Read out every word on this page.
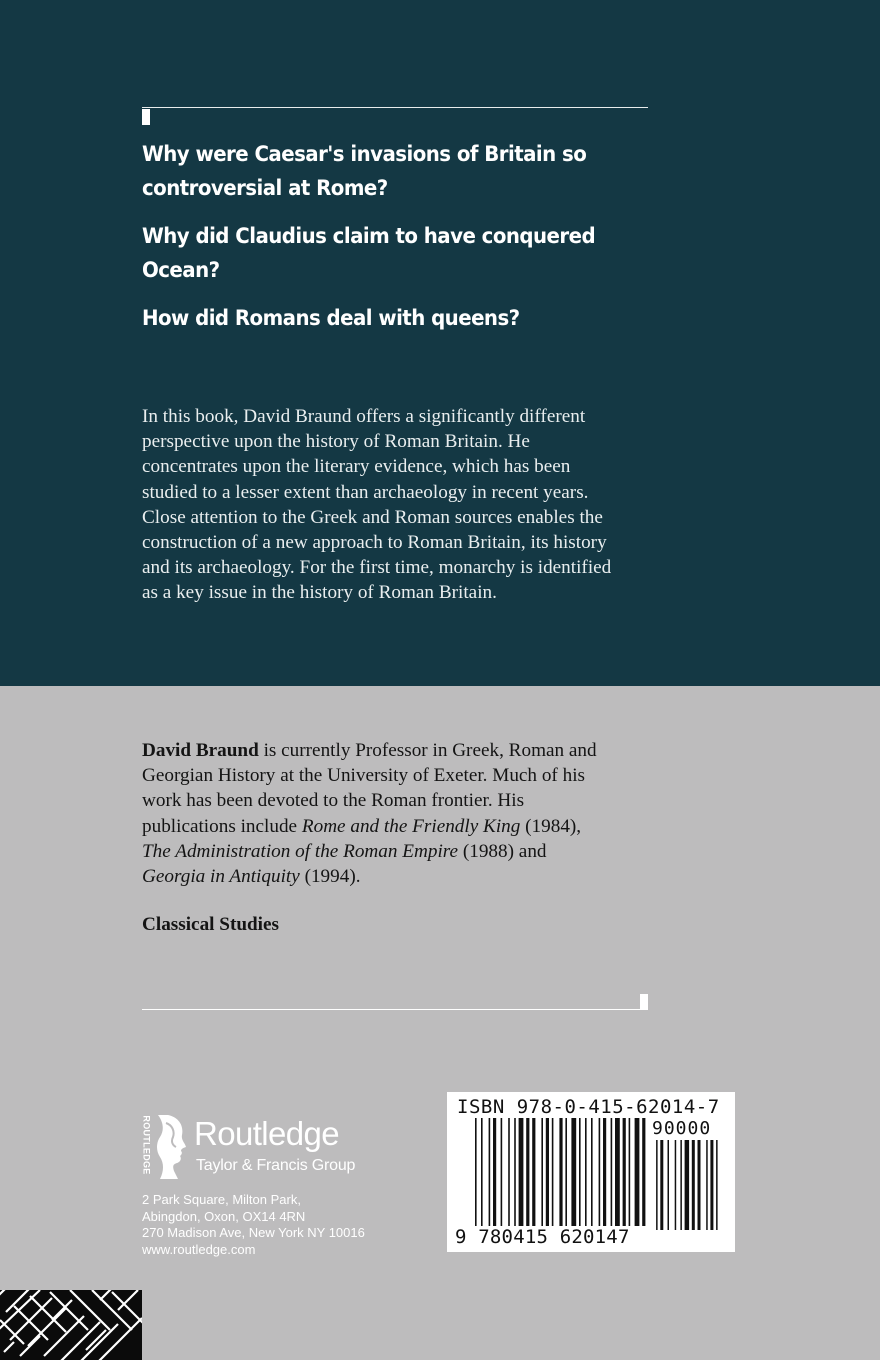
Why were Caesar's invasions of Britain so controversial at Rome?
Why did Claudius claim to have conquered Ocean?
How did Romans deal with queens?
In this book, David Braund offers a significantly different perspective upon the history of Roman Britain. He concentrates upon the literary evidence, which has been studied to a lesser extent than archaeology in recent years. Close attention to the Greek and Roman sources enables the construction of a new approach to Roman Britain, its history and its archaeology. For the first time, monarchy is identified as a key issue in the history of Roman Britain.
David Braund is currently Professor in Greek, Roman and Georgian History at the University of Exeter. Much of his work has been devoted to the Roman frontier. His publications include Rome and the Friendly King (1984), The Administration of the Roman Empire (1988) and Georgia in Antiquity (1994).
Classical Studies
ROUTLEDGE Routledge
Taylor & Francis Group
2 Park Square, Milton Park,
Abingdon, Oxon, OX14 4RN
270 Madison Ave, New York NY 10016
www.routledge.com
ISBN 978-0-415-62014-7
90000
9 780415 620147
